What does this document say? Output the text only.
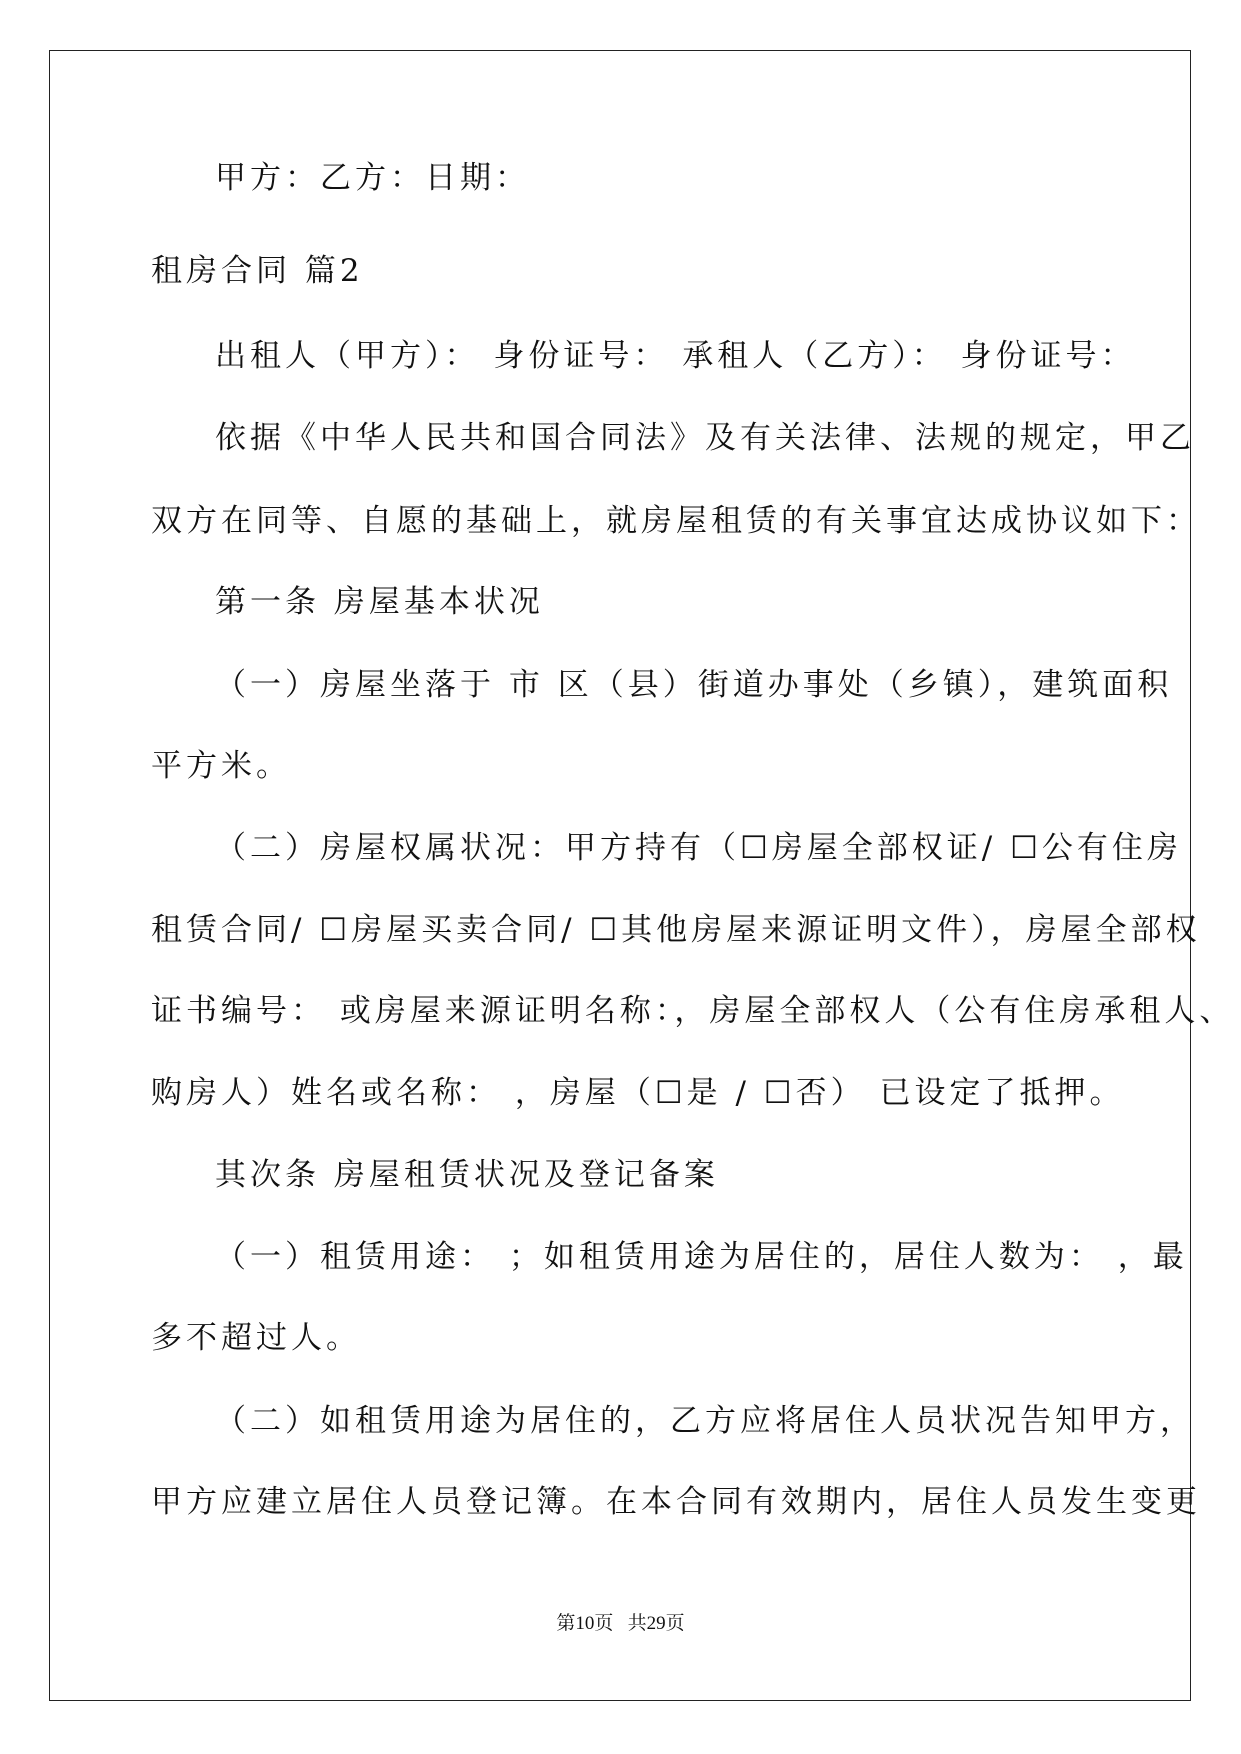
甲方：乙方：日期：
租房合同 篇2
出租人（甲方）： 身份证号： 承租人（乙方）： 身份证号：
依据《中华人民共和国合同法》及有关法律、法规的规定，甲乙
双方在同等、自愿的基础上，就房屋租赁的有关事宜达成协议如下：
第一条 房屋基本状况
（一）房屋坐落于 市 区（县）街道办事处（乡镇），建筑面积
平方米。
（二）房屋权属状况：甲方持有（☐房屋全部权证/ ☐公有住房
租赁合同/ ☐房屋买卖合同/ ☐其他房屋来源证明文件），房屋全部权
证书编号： 或房屋来源证明名称：，房屋全部权人（公有住房承租人、
购房人）姓名或名称： ，房屋（☐是 / ☐否） 已设定了抵押。
其次条 房屋租赁状况及登记备案
（一）租赁用途： ；如租赁用途为居住的，居住人数为： ，最
多不超过人。
（二）如租赁用途为居住的，乙方应将居住人员状况告知甲方，
甲方应建立居住人员登记簿。在本合同有效期内，居住人员发生变更
第10页   共29页
